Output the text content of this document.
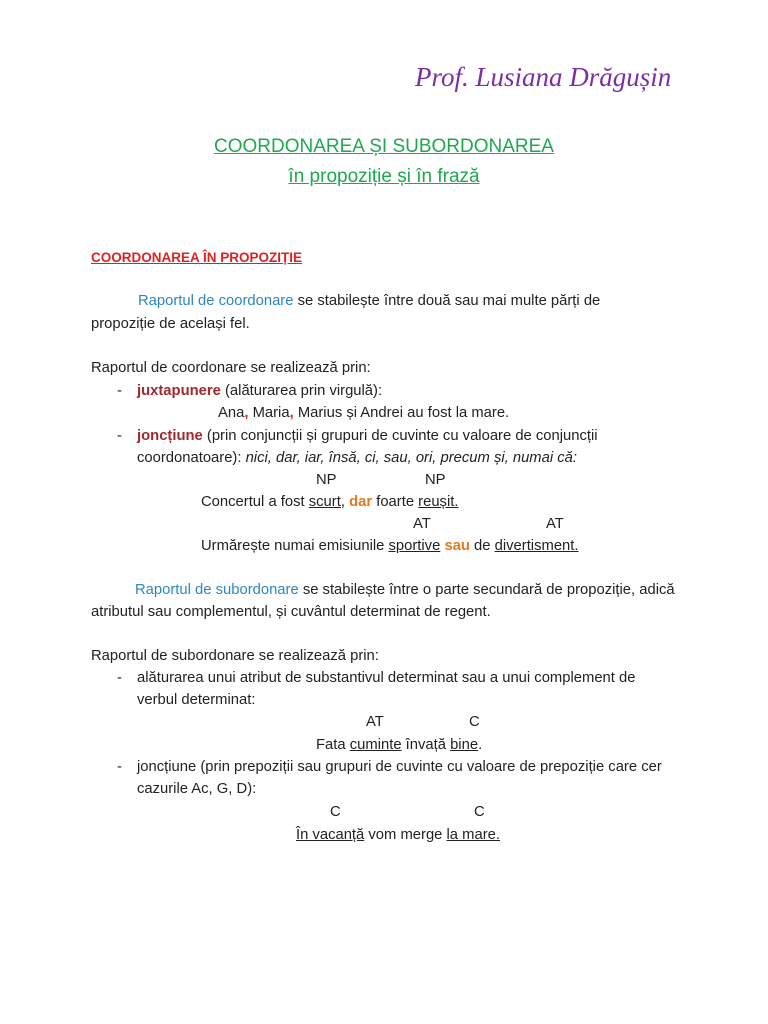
Prof. Lusiana Drăgușin
COORDONAREA ȘI SUBORDONAREA
în propoziție și în frază
COORDONAREA ÎN PROPOZIȚIE
Raportul de coordonare se stabilește între două sau mai multe părți de
propoziție de același fel.
Raportul de coordonare se realizează prin:
- juxtapunere (alăturarea prin virgulă):
Ana, Maria, Marius și Andrei au fost la mare.
- joncțiune (prin conjuncții și grupuri de cuvinte cu valoare de conjuncții
coordonatoare): nici, dar, iar, însă, ci, sau, ori, precum și, numai că:
NP	NP
Concertul a fost scurt, dar foarte reușit.
AT	AT
Urmărește numai emisiunile sportive sau de divertisment.
Raportul de subordonare se stabilește între o parte secundară de propoziție, adică
atributul sau complementul, și cuvântul determinat de regent.
Raportul de subordonare se realizează prin:
- alăturarea unui atribut de substantivul determinat sau a unui complement de
verbul determinat:
AT	C
Fata cuminte învață bine.
- joncțiune (prin prepoziții sau grupuri de cuvinte cu valoare de prepoziție care cer
cazurile Ac, G, D):
C	C
În vacanță vom merge la mare.
